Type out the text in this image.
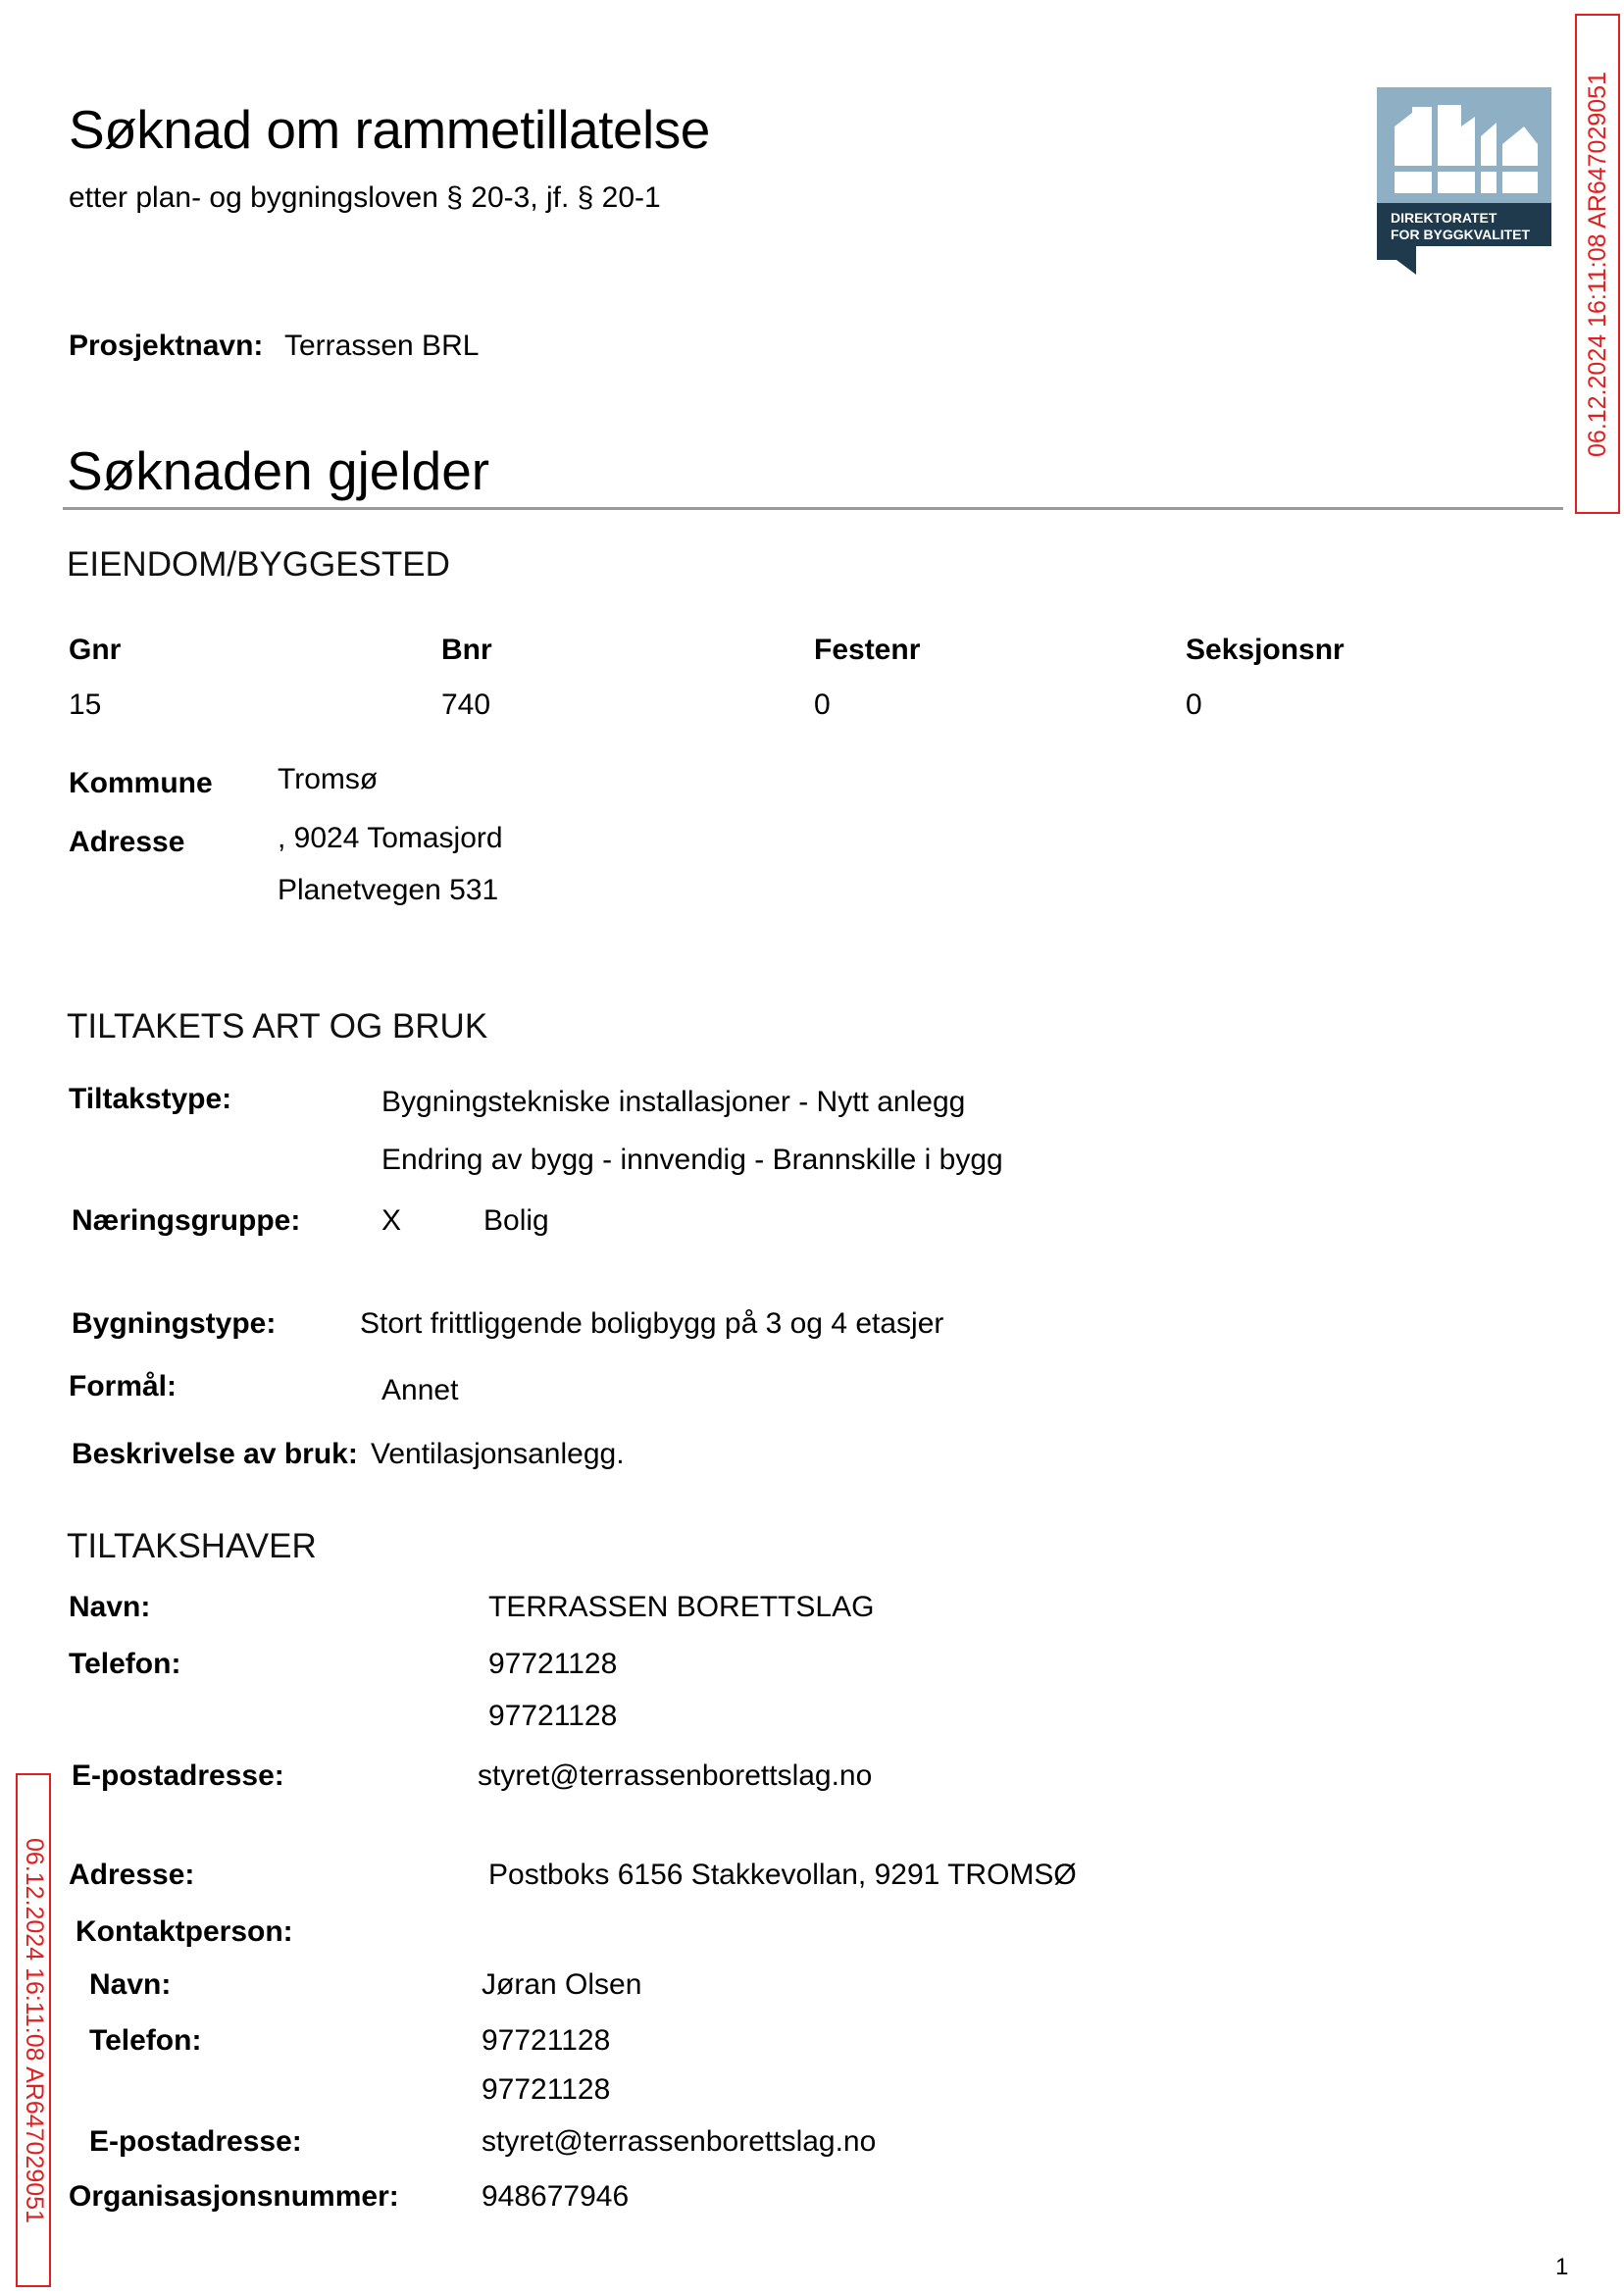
Søknad om rammetillatelse
etter plan- og bygningsloven § 20-3, jf. § 20-1
DIREKTORATET
FOR BYGGKVALITET 06.12.2024 16:11:08 AR647029051
Prosjektnavn: Terrassen BRL
Søknaden gjelder
EIENDOM/BYGGESTED
Gnr	Bnr	Festenr	Seksjonsnr
15	740	0	0
Kommune Tromsø
Adresse	, 9024 Tomasjord
Planetvegen 531
TILTAKETS ART OG BRUK
Tiltakstype:	Bygningstekniske installasjoner - Nytt anlegg
Endring av bygg - innvendig - Brannskille i bygg
Næringsgruppe:	X	Bolig
Bygningstype:	Stort frittliggende boligbygg på 3 og 4 etasjer
Formål:	Annet
Beskrivelse av bruk: Ventilasjonsanlegg.
TILTAKSHAVER
Navn:	TERRASSEN BORETTSLAG
Telefon:	97721128
97721128
E-postadresse:	styret@terrassenborettslag.no
Adresse:	Postboks 6156 Stakkevollan, 9291 TROMSØ
Kontaktperson:
Navn:	Jøran Olsen
Telefon:	97721128
97721128
E-postadresse:	styret@terrassenborettslag.no
Organisasjonsnummer:	948677946
06.12.2024 16:11:08 AR647029051
1
